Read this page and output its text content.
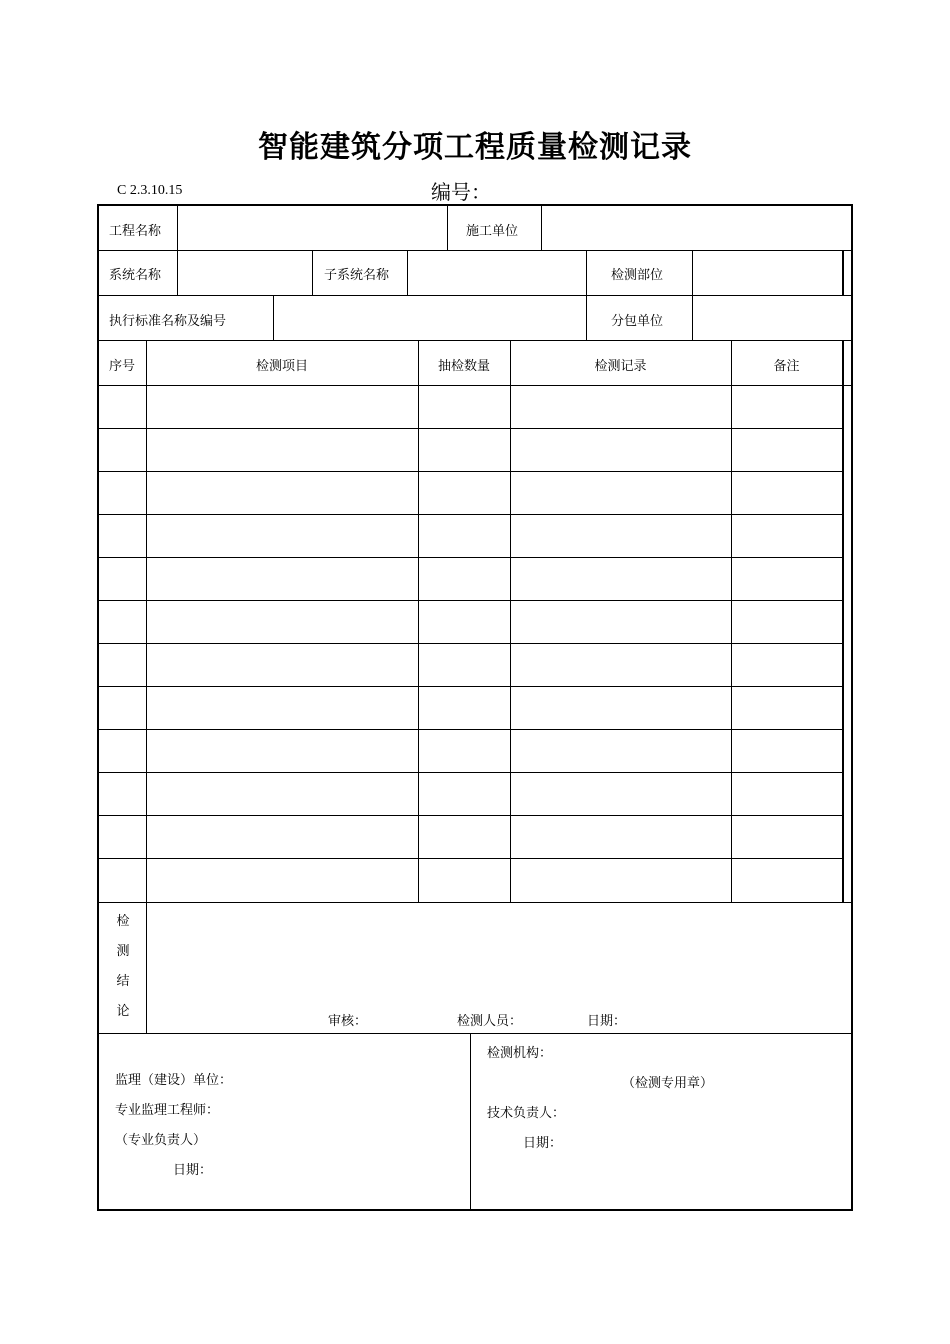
智能建筑分项工程质量检测记录
C 2.3.10.15	编号：
工程名称	施工单位
系统名称	子系统名称	检测部位
执行标准名称及编号	分包单位
序号	检测项目	抽检数量	检测记录	备注
检
测
结
论
审核：	检测人员：	日期：
监理（建设）单位：
专业监理工程师：
（专业负责人）
日期：
检测机构：
（检测专用章）
技术负责人：
日期：
